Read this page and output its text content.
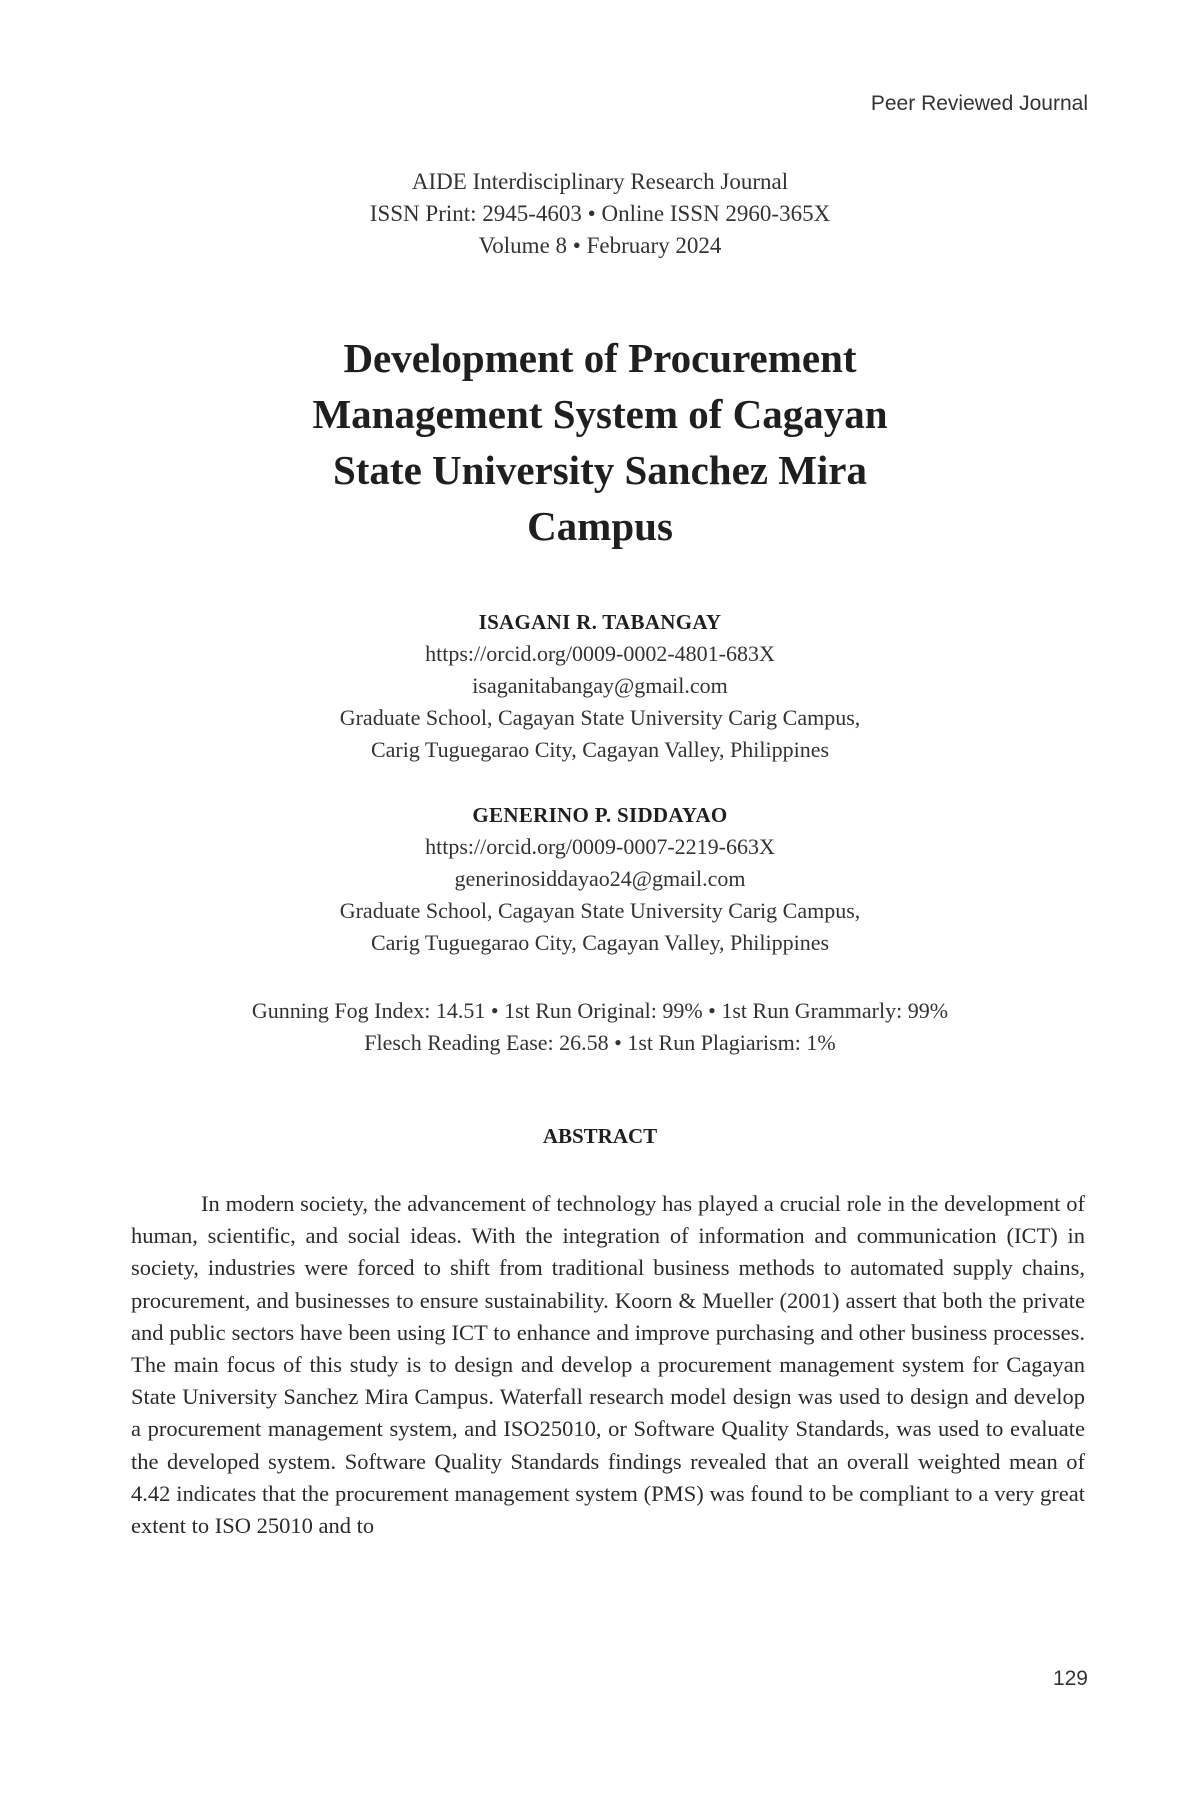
Peer Reviewed Journal
AIDE Interdisciplinary Research Journal
ISSN Print: 2945-4603 • Online ISSN 2960-365X
Volume 8 • February 2024
Development of Procurement
Management System of Cagayan
State University Sanchez Mira
Campus
ISAGANI R. TABANGAY
https://orcid.org/0009-0002-4801-683X
isaganitabangay@gmail.com
Graduate School, Cagayan State University Carig Campus,
Carig Tuguegarao City, Cagayan Valley, Philippines
GENERINO P. SIDDAYAO
https://orcid.org/0009-0007-2219-663X
generinosiddayao24@gmail.com
Graduate School, Cagayan State University Carig Campus,
Carig Tuguegarao City, Cagayan Valley, Philippines
Gunning Fog Index: 14.51 • 1st Run Original: 99% • 1st Run Grammarly: 99%
Flesch Reading Ease: 26.58 • 1st Run Plagiarism: 1%
ABSTRACT

In modern society, the advancement of technology has played a crucial role in the development of human, scientific, and social ideas. With the integration of information and communication (ICT) in society, industries were forced to shift from traditional business methods to automated supply chains, procurement, and businesses to ensure sustainability. Koorn & Mueller (2001) assert that both the private and public sectors have been using ICT to enhance and improve purchasing and other business processes. The main focus of this study is to design and develop a procurement management system for Cagayan State University Sanchez Mira Campus. Waterfall research model design was used to design and develop a procurement management system, and ISO25010, or Software Quality Standards, was used to evaluate the developed system. Software Quality Standards findings revealed that an overall weighted mean of 4.42 indicates that the procurement management system (PMS) was found to be compliant to a very great extent to ISO 25010 and to

129
